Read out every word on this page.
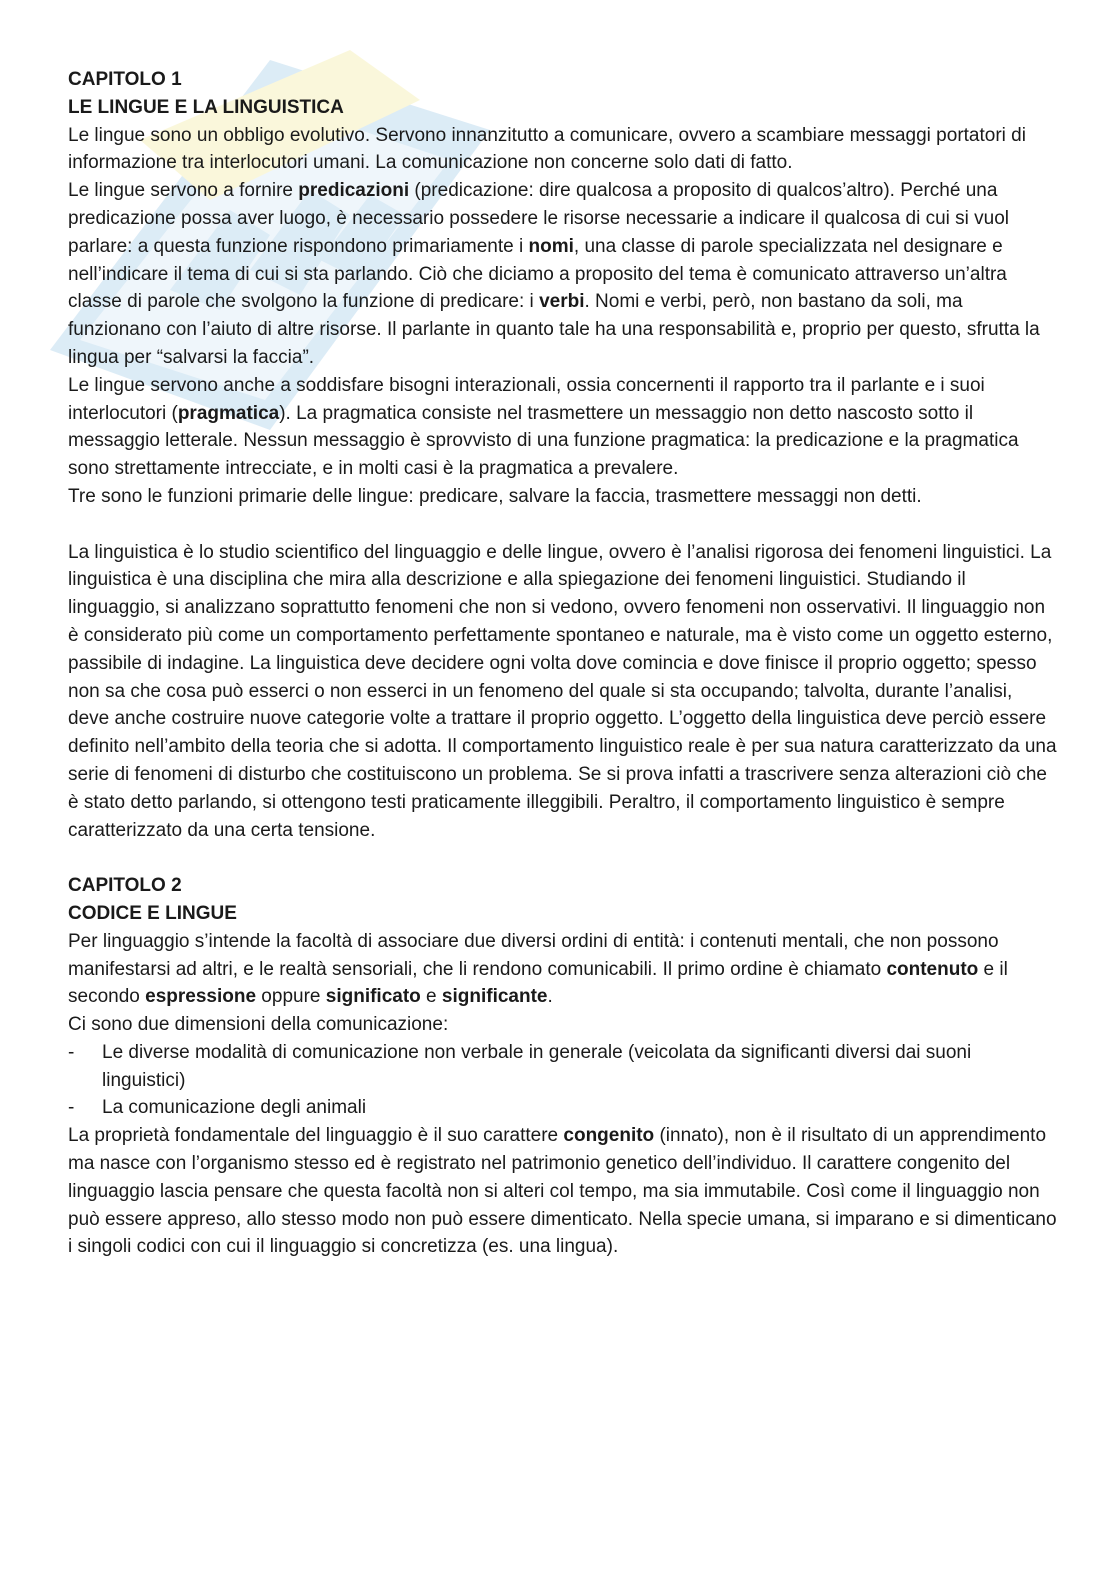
CAPITOLO 1
LE LINGUE E LA LINGUISTICA

Le lingue sono un obbligo evolutivo. Servono innanzitutto a comunicare, ovvero a scambiare messaggi portatori di informazione tra interlocutori umani. La comunicazione non concerne solo dati di fatto.

Le lingue servono a fornire predicazioni (predicazione: dire qualcosa a proposito di qualcos’altro). Perché una predicazione possa aver luogo, è necessario possedere le risorse necessarie a indicare il qualcosa di cui si vuol parlare: a questa funzione rispondono primariamente i nomi, una classe di parole specializzata nel designare e nell’indicare il tema di cui si sta parlando. Ciò che diciamo a proposito del tema è comunicato attraverso un’altra classe di parole che svolgono la funzione di predicare: i verbi. Nomi e verbi, però, non bastano da soli, ma funzionano con l’aiuto di altre risorse. Il parlante in quanto tale ha una responsabilità e, proprio per questo, sfrutta la lingua per “salvarsi la faccia”.

Le lingue servono anche a soddisfare bisogni interazionali, ossia concernenti il rapporto tra il parlante e i suoi interlocutori (pragmatica). La pragmatica consiste nel trasmettere un messaggio non detto nascosto sotto il messaggio letterale. Nessun messaggio è sprovvisto di una funzione pragmatica: la predicazione e la pragmatica sono strettamente intrecciate, e in molti casi è la pragmatica a prevalere.

Tre sono le funzioni primarie delle lingue: predicare, salvare la faccia, trasmettere messaggi non detti.

La linguistica è lo studio scientifico del linguaggio e delle lingue, ovvero è l’analisi rigorosa dei fenomeni linguistici. La linguistica è una disciplina che mira alla descrizione e alla spiegazione dei fenomeni linguistici. Studiando il linguaggio, si analizzano soprattutto fenomeni che non si vedono, ovvero fenomeni non osservativi. Il linguaggio non è considerato più come un comportamento perfettamente spontaneo e naturale, ma è visto come un oggetto esterno, passibile di indagine. La linguistica deve decidere ogni volta dove comincia e dove finisce il proprio oggetto; spesso non sa che cosa può esserci o non esserci in un fenomeno del quale si sta occupando; talvolta, durante l’analisi, deve anche costruire nuove categorie volte a trattare il proprio oggetto. L’oggetto della linguistica deve perciò essere definito nell’ambito della teoria che si adotta. Il comportamento linguistico reale è per sua natura caratterizzato da una serie di fenomeni di disturbo che costituiscono un problema. Se si prova infatti a trascrivere senza alterazioni ciò che è stato detto parlando, si ottengono testi praticamente illeggibili. Peraltro, il comportamento linguistico è sempre caratterizzato da una certa tensione.

CAPITOLO 2
CODICE E LINGUE

Per linguaggio s’intende la facoltà di associare due diversi ordini di entità: i contenuti mentali, che non possono manifestarsi ad altri, e le realtà sensoriali, che li rendono comunicabili. Il primo ordine è chiamato contenuto e il secondo espressione oppure significato e significante.

Ci sono due dimensioni della comunicazione:

-	Le diverse modalità di comunicazione non verbale in generale (veicolata da significanti diversi dai suoni linguistici)
-	La comunicazione degli animali

La proprietà fondamentale del linguaggio è il suo carattere congenito (innato), non è il risultato di un apprendimento ma nasce con l’organismo stesso ed è registrato nel patrimonio genetico dell’individuo. Il carattere congenito del linguaggio lascia pensare che questa facoltà non si alteri col tempo, ma sia immutabile. Così come il linguaggio non può essere appreso, allo stesso modo non può essere dimenticato. Nella specie umana, si imparano e si dimenticano i singoli codici con cui il linguaggio si concretizza (es. una lingua).
